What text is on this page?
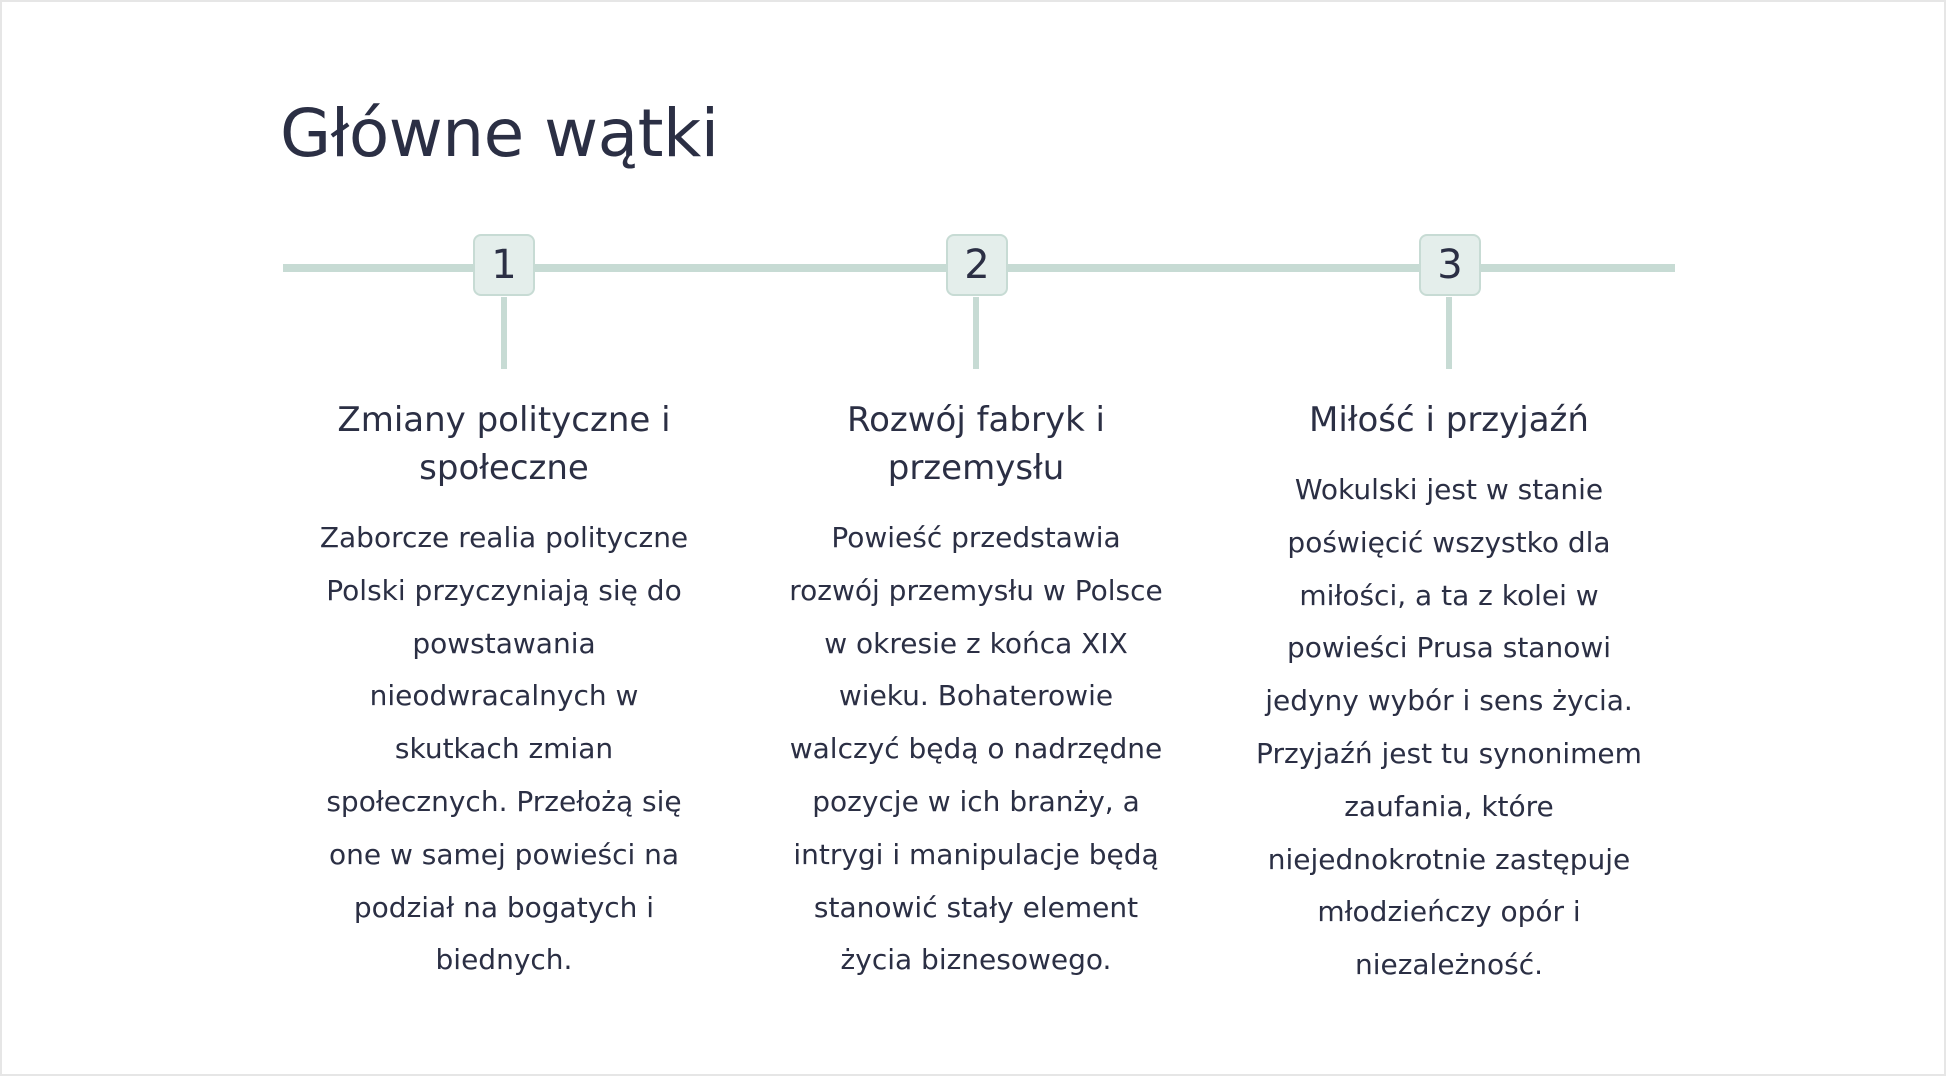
Główne wątki
1	2	3
Zmiany polityczne i
społeczne

Zaborcze realia polityczne
Polski przyczyniają się do
powstawania
nieodwracalnych w
skutkach zmian
społecznych. Przełożą się
one w samej powieści na
podział na bogatych i
biednych.

Rozwój fabryk i
przemysłu

Powieść przedstawia
rozwój przemysłu w Polsce
w okresie z końca XIX
wieku. Bohaterowie
walczyć będą o nadrzędne
pozycje w ich branży, a
intrygi i manipulacje będą
stanowić stały element
życia biznesowego.

Miłość i przyjaźń

Wokulski jest w stanie
poświęcić wszystko dla
miłości, a ta z kolei w
powieści Prusa stanowi
jedyny wybór i sens życia.
Przyjaźń jest tu synonimem
zaufania, które
niejednokrotnie zastępuje
młodzieńczy opór i
niezależność.
